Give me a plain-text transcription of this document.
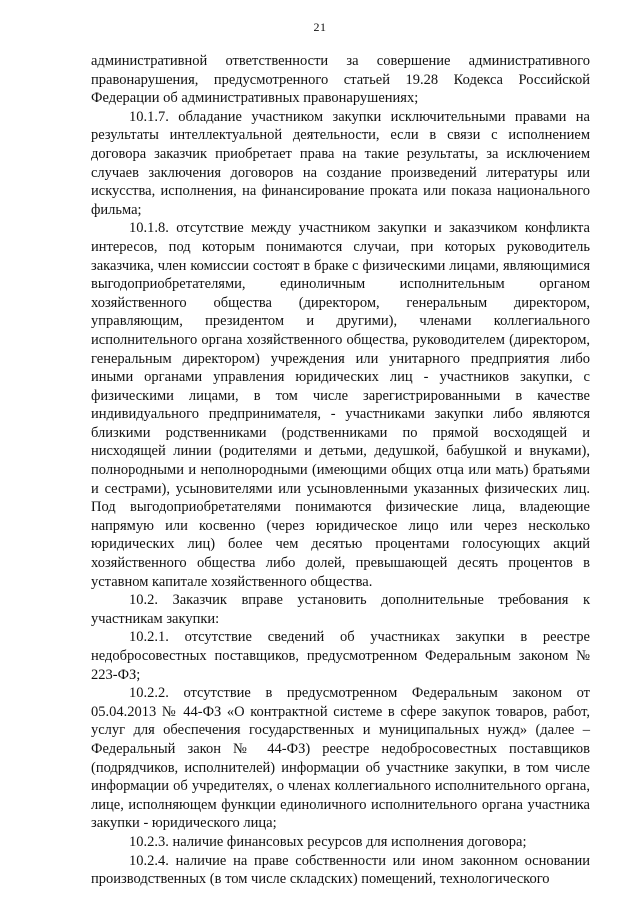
21

административной ответственности за совершение административного правонарушения, предусмотренного статьей 19.28 Кодекса Российской Федерации об административных правонарушениях;

10.1.7. обладание участником закупки исключительными правами на результаты интеллектуальной деятельности, если в связи с исполнением договора заказчик приобретает права на такие результаты, за исключением случаев заключения договоров на создание произведений литературы или искусства, исполнения, на финансирование проката или показа национального фильма;

10.1.8. отсутствие между участником закупки и заказчиком конфликта интересов, под которым понимаются случаи, при которых руководитель заказчика, член комиссии состоят в браке с физическими лицами, являющимися выгодоприобретателями, единоличным исполнительным органом хозяйственного общества (директором, генеральным директором, управляющим, президентом и другими), членами коллегиального исполнительного органа хозяйственного общества, руководителем (директором, генеральным директором) учреждения или унитарного предприятия либо иными органами управления юридических лиц - участников закупки, с физическими лицами, в том числе зарегистрированными в качестве индивидуального предпринимателя, - участниками закупки либо являются близкими родственниками (родственниками по прямой восходящей и нисходящей линии (родителями и детьми, дедушкой, бабушкой и внуками), полнородными и неполнородными (имеющими общих отца или мать) братьями и сестрами), усыновителями или усыновленными указанных физических лиц. Под выгодоприобретателями понимаются физические лица, владеющие напрямую или косвенно (через юридическое лицо или через несколько юридических лиц) более чем десятью процентами голосующих акций хозяйственного общества либо долей, превышающей десять процентов в уставном капитале хозяйственного общества.

10.2. Заказчик вправе установить дополнительные требования к участникам закупки:

10.2.1. отсутствие сведений об участниках закупки в реестре недобросовестных поставщиков, предусмотренном Федеральным законом № 223-ФЗ;

10.2.2. отсутствие в предусмотренном Федеральным законом от 05.04.2013 № 44-ФЗ «О контрактной системе в сфере закупок товаров, работ, услуг для обеспечения государственных и муниципальных нужд» (далее – Федеральный закон № 44-ФЗ) реестре недобросовестных поставщиков (подрядчиков, исполнителей) информации об участнике закупки, в том числе информации об учредителях, о членах коллегиального исполнительного органа, лице, исполняющем функции единоличного исполнительного органа участника закупки - юридического лица;

10.2.3. наличие финансовых ресурсов для исполнения договора;

10.2.4. наличие на праве собственности или ином законном основании производственных (в том числе складских) помещений, технологического
